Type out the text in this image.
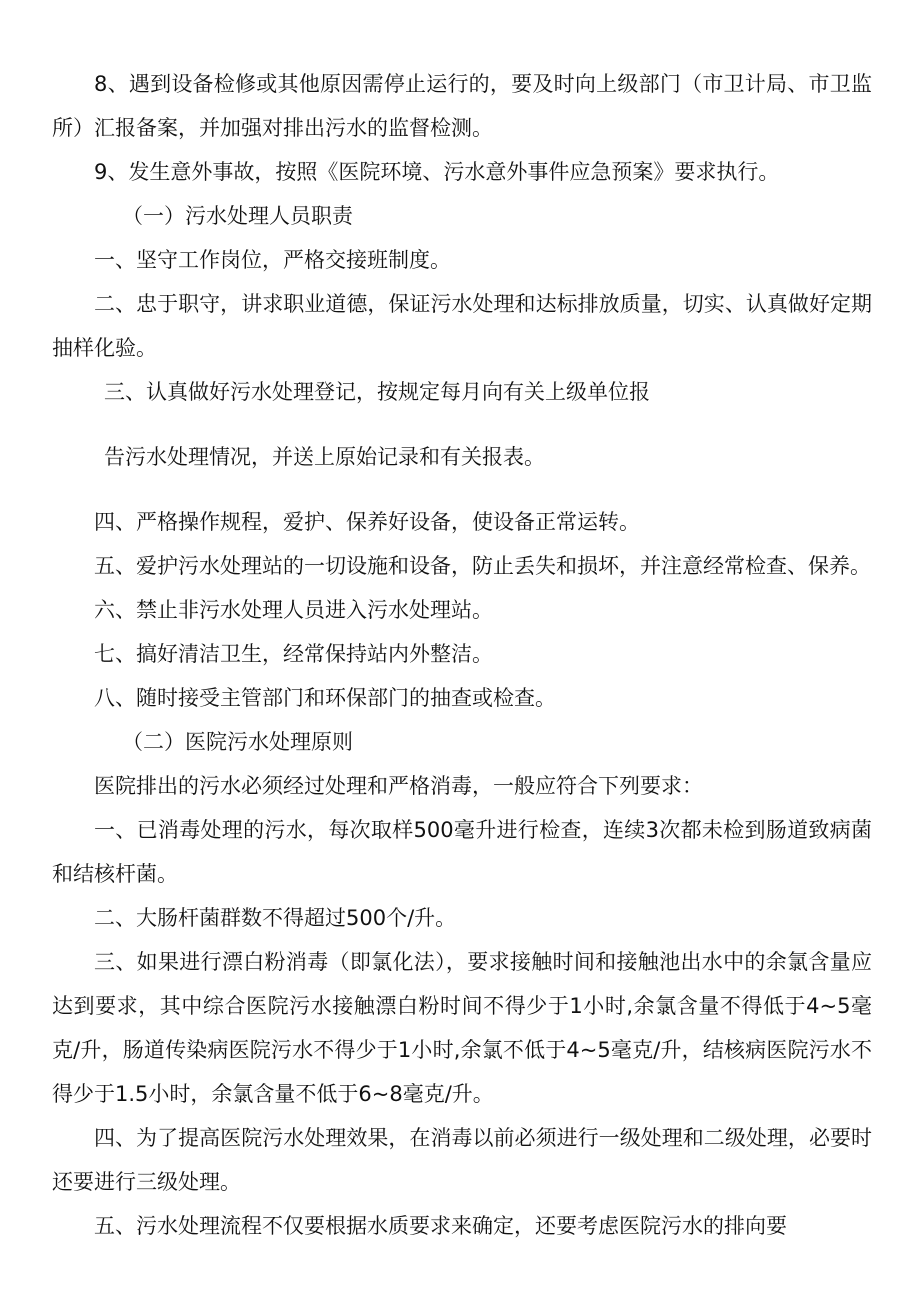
8、遇到设备检修或其他原因需停止运行的，要及时向上级部门（市卫计局、市卫监所）汇报备案，并加强对排出污水的监督检测。

9、发生意外事故，按照《医院环境、污水意外事件应急预案》要求执行。

（一）污水处理人员职责

一、坚守工作岗位，严格交接班制度。

二、忠于职守，讲求职业道德，保证污水处理和达标排放质量，切实、认真做好定期抽样化验。

三、认真做好污水处理登记，按规定每月向有关上级单位报

告污水处理情况，并送上原始记录和有关报表。

四、严格操作规程，爱护、保养好设备，使设备正常运转。

五、爱护污水处理站的一切设施和设备，防止丢失和损坏，并注意经常检查、保养。

六、禁止非污水处理人员进入污水处理站。

七、搞好清洁卫生，经常保持站内外整洁。

八、随时接受主管部门和环保部门的抽查或检查。

（二）医院污水处理原则

医院排出的污水必须经过处理和严格消毒，一般应符合下列要求：

一、已消毒处理的污水，每次取样500毫升进行检查，连续3次都未检到肠道致病菌和结核杆菌。

二、大肠杆菌群数不得超过500个/升。

三、如果进行漂白粉消毒（即氯化法），要求接触时间和接触池出水中的余氯含量应达到要求，其中综合医院污水接触漂白粉时间不得少于1小时,余氯含量不得低于4~5毫克/升，肠道传染病医院污水不得少于1小时,余氯不低于4~5毫克/升，结核病医院污水不得少于1.5小时，余氯含量不低于6~8毫克/升。

四、为了提高医院污水处理效果，在消毒以前必须进行一级处理和二级处理，必要时还要进行三级处理。

五、污水处理流程不仅要根据水质要求来确定，还要考虑医院污水的排向要
